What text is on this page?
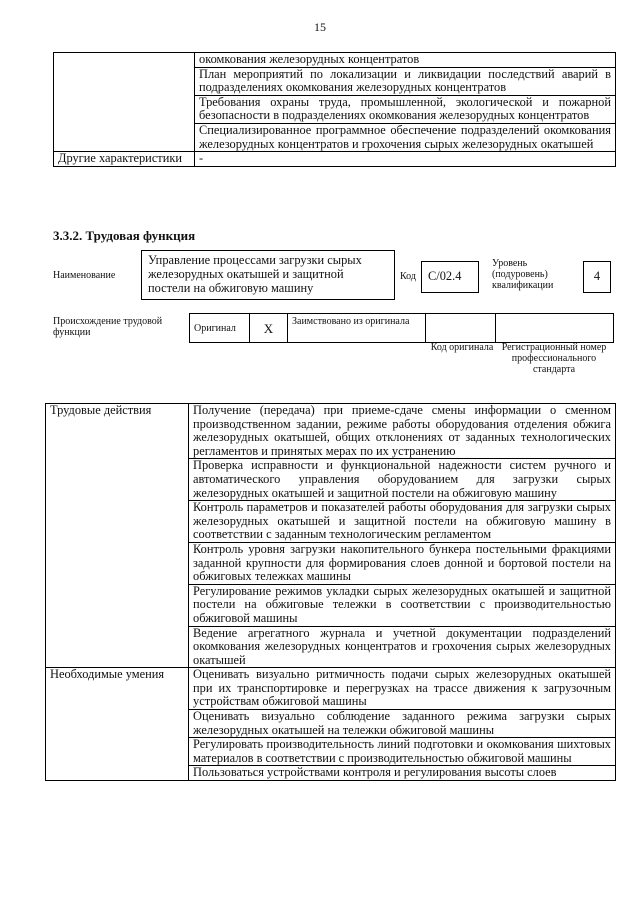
15
	окомкования железорудных концентратов
	План мероприятий по локализации и ликвидации последствий аварий в подразделениях окомкования железорудных концентратов
	Требования охраны труда, промышленной, экологической и пожарной безопасности в подразделениях окомкования железорудных концентратов
	Специализированное программное обеспечение подразделений окомкования железорудных концентратов и грохочения сырых железорудных окатышей
Другие характеристики	-
3.3.2. Трудовая функция
Наименование
Управление процессами загрузки сырых железорудных окатышей и защитной постели на обжиговую машину
Код С/02.4
Уровень (подуровень) квалификации
4
Происхождение трудовой функции	Оригинал	Х	Заимствовано из оригинала		
Код оригинала Регистрационный номер профессионального стандарта
Трудовые действия	Получение (передача) при приеме-сдаче смены информации о сменном производственном задании, режиме работы оборудования отделения обжига железорудных окатышей, общих отклонениях от заданных технологических регламентов и принятых мерах по их устранению
	Проверка исправности и функциональной надежности систем ручного и автоматического управления оборудованием для загрузки сырых железорудных окатышей и защитной постели на обжиговую машину
	Контроль параметров и показателей работы оборудования для загрузки сырых железорудных окатышей и защитной постели на обжиговую машину в соответствии с заданным технологическим регламентом
	Контроль уровня загрузки накопительного бункера постельными фракциями заданной крупности для формирования слоев донной и бортовой постели на обжиговых тележках машины
	Регулирование режимов укладки сырых железорудных окатышей и защитной постели на обжиговые тележки в соответствии с производительностью обжиговой машины
	Ведение агрегатного журнала и учетной документации подразделений окомкования железорудных концентратов и грохочения сырых железорудных окатышей
Необходимые умения	Оценивать визуально ритмичность подачи сырых железорудных окатышей при их транспортировке и перегрузках на трассе движения к загрузочным устройствам обжиговой машины
	Оценивать визуально соблюдение заданного режима загрузки сырых железорудных окатышей на тележки обжиговой машины
	Регулировать производительность линий подготовки и окомкования шихтовых материалов в соответствии с производительностью обжиговой машины
	Пользоваться устройствами контроля и регулирования высоты слоев
